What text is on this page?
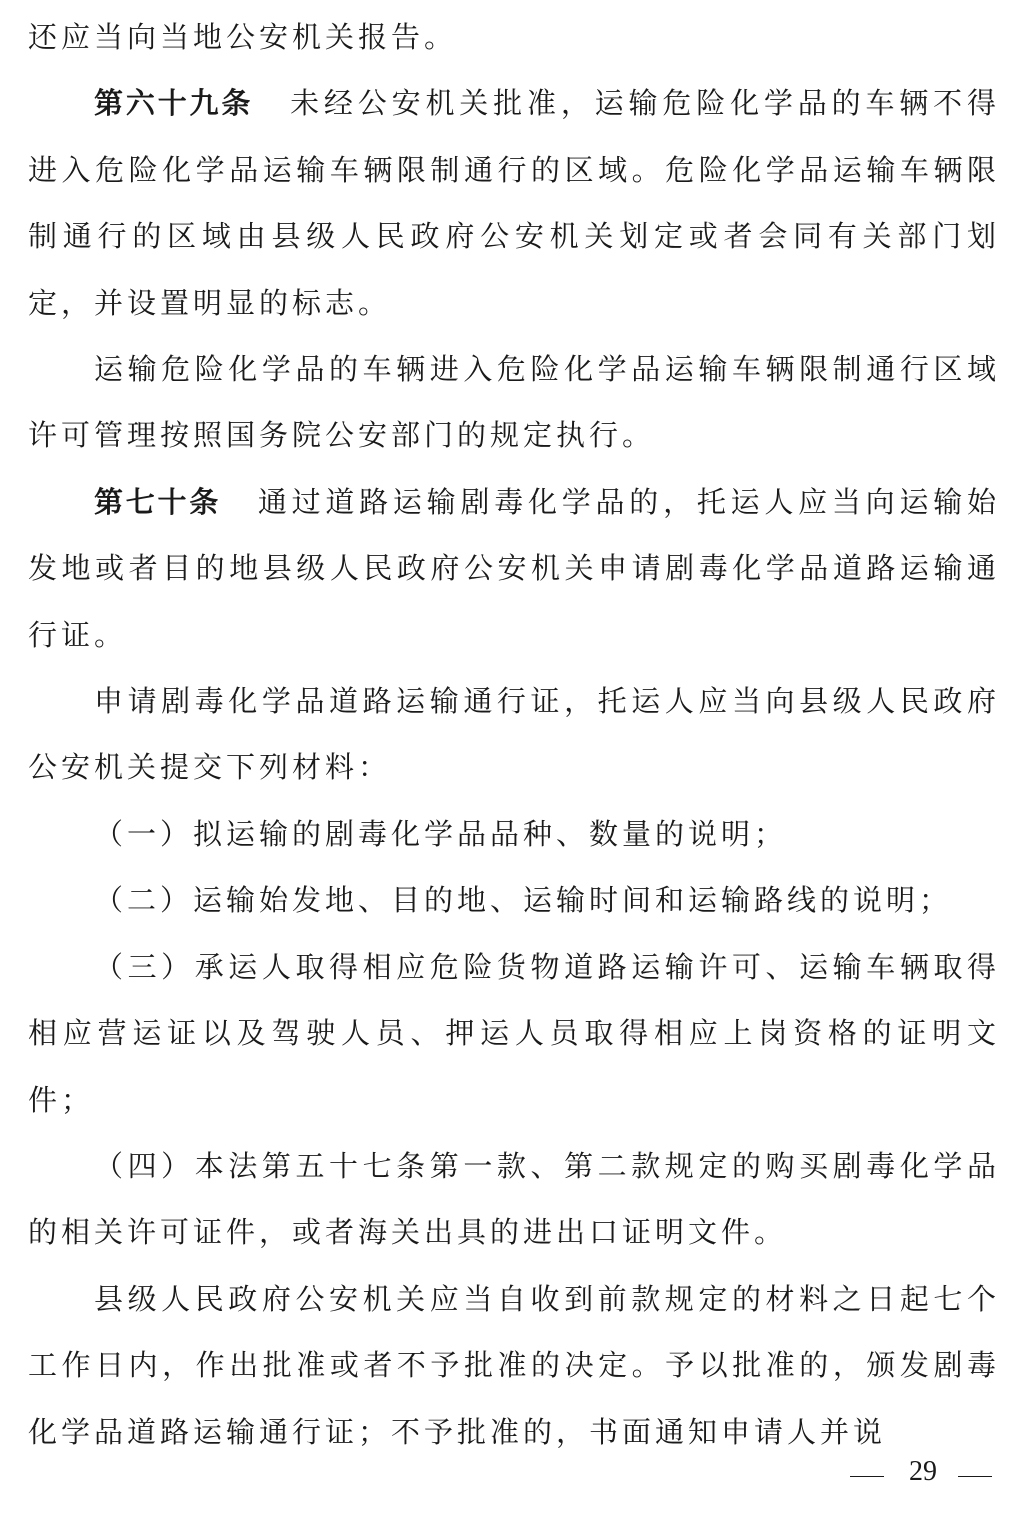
还应当向当地公安机关报告。

第六十九条 未经公安机关批准，运输危险化学品的车辆不得进入危险化学品运输车辆限制通行的区域。危险化学品运输车辆限制通行的区域由县级人民政府公安机关划定或者会同有关部门划定，并设置明显的标志。

运输危险化学品的车辆进入危险化学品运输车辆限制通行区域许可管理按照国务院公安部门的规定执行。

第七十条 通过道路运输剧毒化学品的，托运人应当向运输始发地或者目的地县级人民政府公安机关申请剧毒化学品道路运输通行证。

申请剧毒化学品道路运输通行证，托运人应当向县级人民政府公安机关提交下列材料：

（一）拟运输的剧毒化学品品种、数量的说明；

（二）运输始发地、目的地、运输时间和运输路线的说明；

（三）承运人取得相应危险货物道路运输许可、运输车辆取得相应营运证以及驾驶人员、押运人员取得相应上岗资格的证明文件；

（四）本法第五十七条第一款、第二款规定的购买剧毒化学品的相关许可证件，或者海关出具的进出口证明文件。

县级人民政府公安机关应当自收到前款规定的材料之日起七个工作日内，作出批准或者不予批准的决定。予以批准的，颁发剧毒化学品道路运输通行证；不予批准的，书面通知申请人并说

29
